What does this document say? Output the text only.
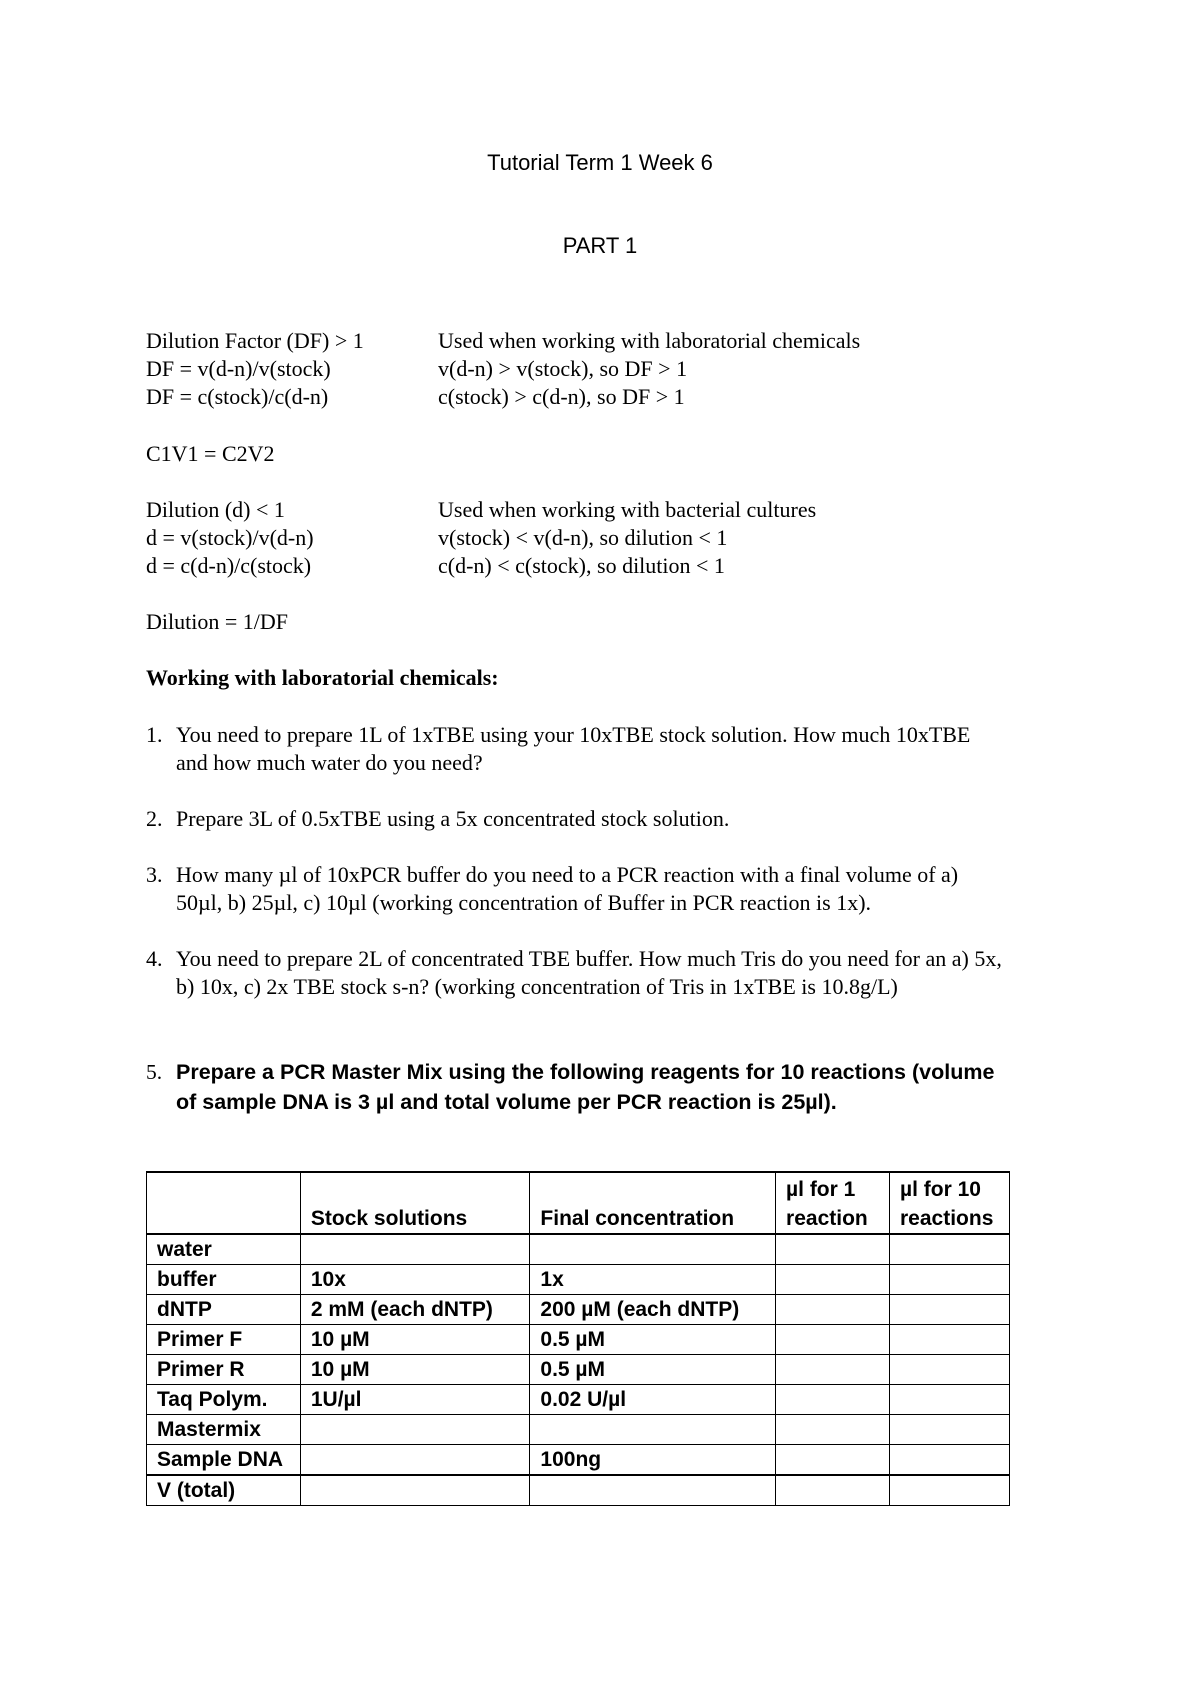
Tutorial Term 1 Week 6
PART 1
Dilution Factor (DF) > 1	Used when working with laboratorial chemicals
DF = v(d-n)/v(stock)	v(d-n) > v(stock), so DF > 1
DF = c(stock)/c(d-n)	c(stock) > c(d-n), so DF > 1
C1V1 = C2V2
Dilution (d) < 1	Used when working with bacterial cultures
d = v(stock)/v(d-n)	v(stock) < v(d-n), so dilution < 1
d = c(d-n)/c(stock)	c(d-n) < c(stock), so dilution < 1
Dilution = 1/DF
Working with laboratorial chemicals:
1. You need to prepare 1L of 1xTBE using your 10xTBE stock solution. How much 10xTBE and how much water do you need?
2. Prepare 3L of 0.5xTBE using a 5x concentrated stock solution.
3. How many µl of 10xPCR buffer do you need to a PCR reaction with a final volume of a) 50µl, b) 25µl, c) 10µl (working concentration of Buffer in PCR reaction is 1x).
4. You need to prepare 2L of concentrated TBE buffer. How much Tris do you need for an a) 5x, b) 10x, c) 2x TBE stock s-n? (working concentration of Tris in 1xTBE is 10.8g/L)
5. Prepare a PCR Master Mix using the following reagents for 10 reactions (volume of sample DNA is 3 µl and total volume per PCR reaction is 25µl).
	Stock solutions	Final concentration	µl for 1 reaction	µl for 10 reactions
water				
buffer	10x	1x		
dNTP	2 mM (each dNTP)	200 µM (each dNTP)		
Primer F	10 µM	0.5 µM		
Primer R	10 µM	0.5 µM		
Taq Polym.	1U/µl	0.02 U/µl		
Mastermix				
Sample DNA		100ng		
V (total)				
